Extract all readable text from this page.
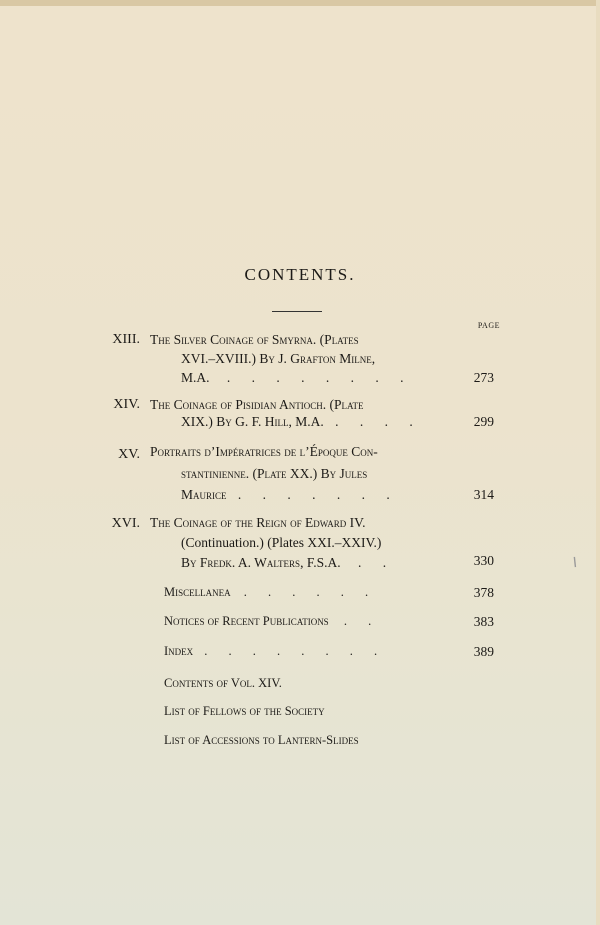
CONTENTS.
PAGE
XIII. The Silver Coinage of Smyrna. (Plates
XVI.–XVIII.) By J. Grafton Milne,
M.A. . . . . . . . .	273
XIV. The Coinage of Pisidian Antioch. (Plate
XIX.) By G. F. Hill, M.A. . . . .	299
XV. Portraits d’Impératrices de l’Époque Con-
stantinienne. (Plate XX.) By Jules
Maurice . . . . . . .	314
XVI. The Coinage of the Reign of Edward IV.
(Continuation.) (Plates XXI.–XXIV.)
By Fredk. A. Walters, F.S.A. . .	330
Miscellanea . . . . . .	378
Notices of Recent Publications . .	383
Index . . . . . . . .	389
Contents of Vol. XIV.
List of Fellows of the Society
List of Accessions to Lantern-Slides
I
